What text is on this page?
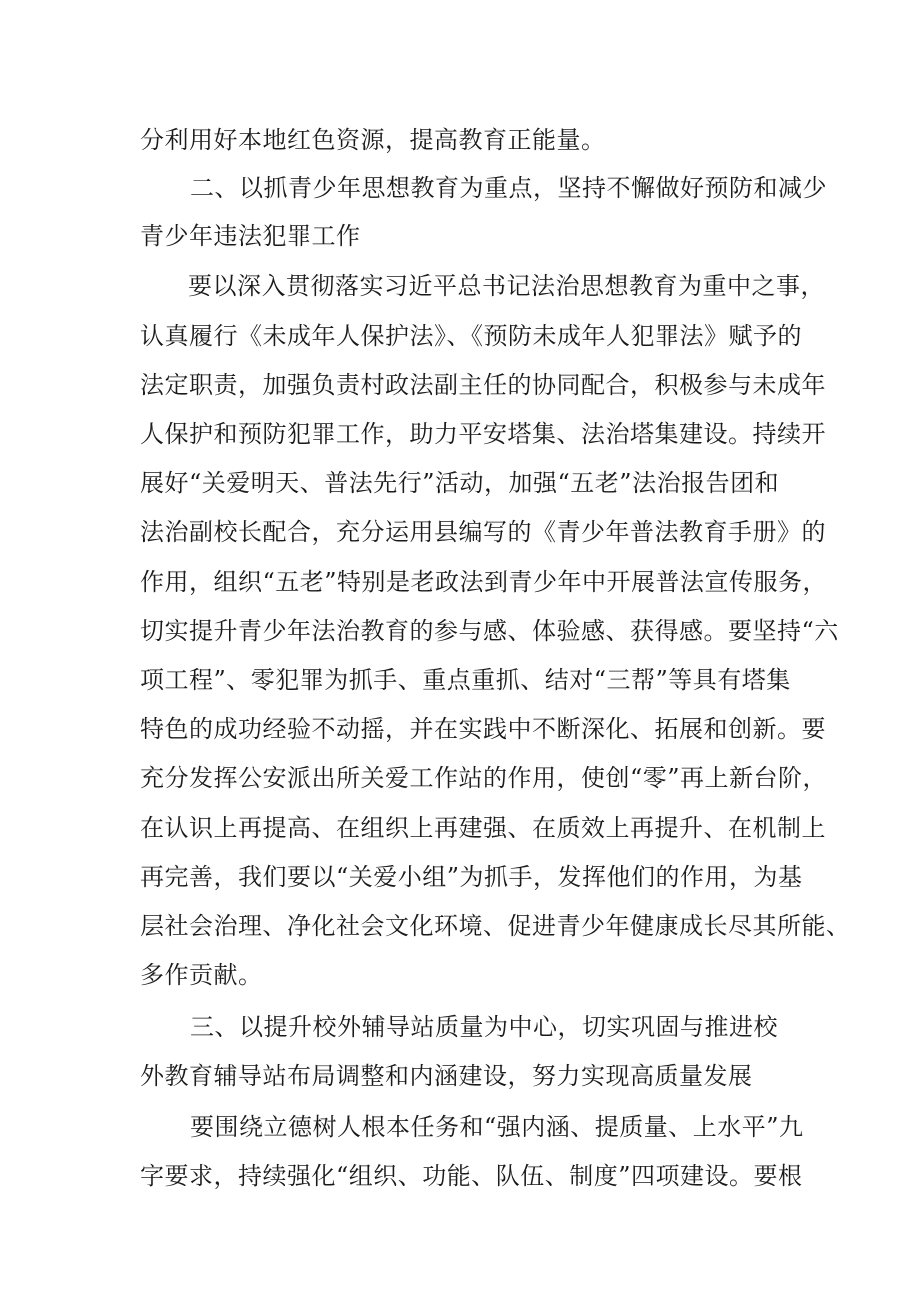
分利用好本地红色资源，提高教育正能量。
二、以抓青少年思想教育为重点，坚持不懈做好预防和减少
青少年违法犯罪工作
要以深入贯彻落实习近平总书记法治思想教育为重中之事，
认真履行《未成年人保护法》、《预防未成年人犯罪法》赋予的
法定职责，加强负责村政法副主任的协同配合，积极参与未成年
人保护和预防犯罪工作，助力平安塔集、法治塔集建设。持续开
展好“关爱明天、普法先行”活动，加强“五老”法治报告团和
法治副校长配合，充分运用县编写的《青少年普法教育手册》的
作用，组织“五老”特别是老政法到青少年中开展普法宣传服务，
切实提升青少年法治教育的参与感、体验感、获得感。要坚持“六
项工程”、零犯罪为抓手、重点重抓、结对“三帮”等具有塔集
特色的成功经验不动摇，并在实践中不断深化、拓展和创新。要
充分发挥公安派出所关爱工作站的作用，使创“零”再上新台阶，
在认识上再提高、在组织上再建强、在质效上再提升、在机制上
再完善，我们要以“关爱小组”为抓手，发挥他们的作用，为基
层社会治理、净化社会文化环境、促进青少年健康成长尽其所能、
多作贡献。
三、以提升校外辅导站质量为中心，切实巩固与推进校
外教育辅导站布局调整和内涵建设，努力实现高质量发展
要围绕立德树人根本任务和“强内涵、提质量、上水平”九
字要求，持续强化“组织、功能、队伍、制度”四项建设。要根
